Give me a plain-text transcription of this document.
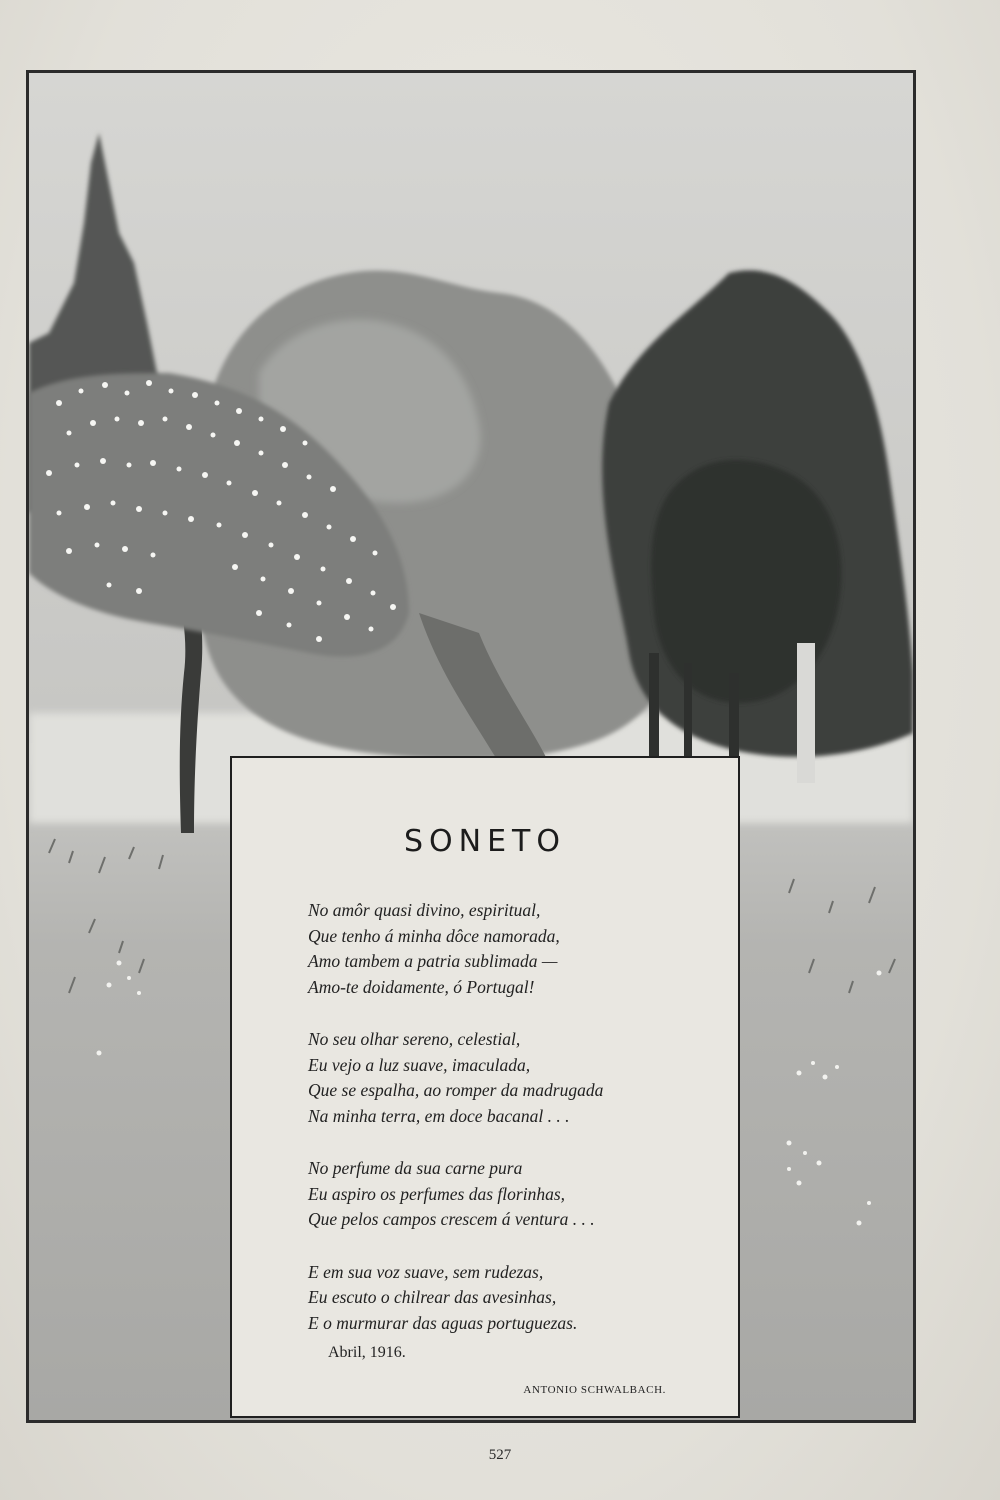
SONETO

No amôr quasi divino, espiritual,
Que tenho á minha dôce namorada,
Amo tambem a patria sublimada —
Amo-te doidamente, ó Portugal!

No seu olhar sereno, celestial,
Eu vejo a luz suave, imaculada,
Que se espalha, ao romper da madrugada
Na minha terra, em doce bacanal . . .

No perfume da sua carne pura
Eu aspiro os perfumes das florinhas,
Que pelos campos crescem á ventura . . .

E em sua voz suave, sem rudezas,
Eu escuto o chilrear das avesinhas,
E o murmurar das aguas portuguezas.

Abril, 1916.
ANTONIO SCHWALBACH.
527
